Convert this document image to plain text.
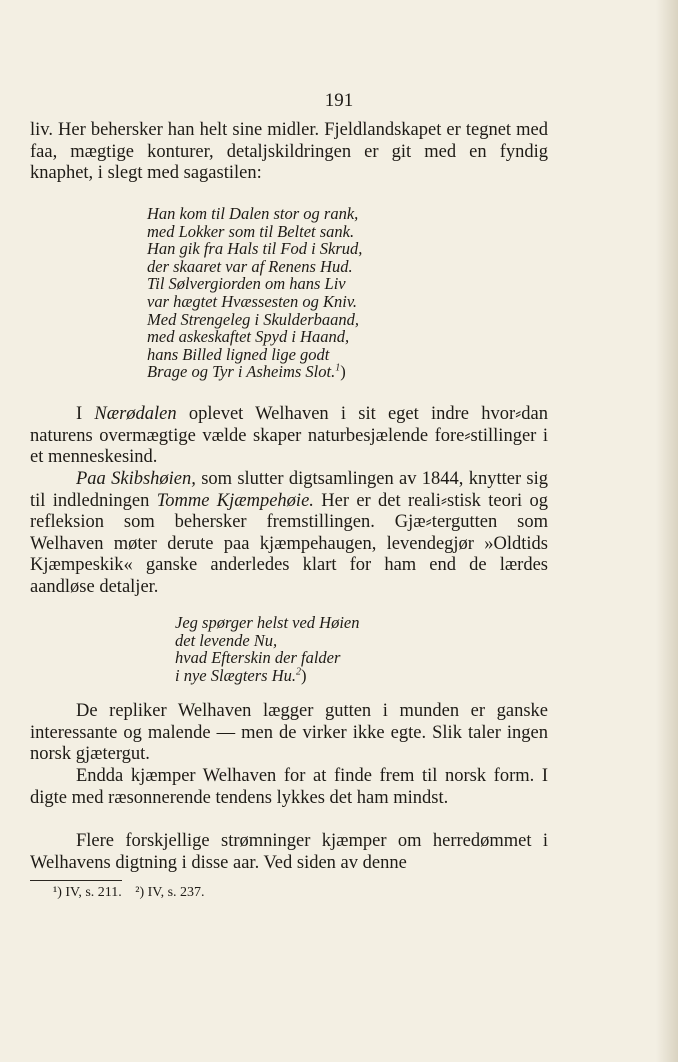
191
liv. Her behersker han helt sine midler. Fjeldlandskapet er tegnet med faa, mægtige konturer, detaljskildringen er git med en fyndig knaphet, i slegt med sagastilen:
Han kom til Dalen stor og rank,
med Lokker som til Beltet sank.
Han gik fra Hals til Fod i Skrud,
der skaaret var af Renens Hud.
Til Sølvergiorden om hans Liv
var hægtet Hvæssesten og Kniv.
Med Strengeleg i Skulderbaand,
med askeskaftet Spyd i Haand,
hans Billed ligned lige godt
Brage og Tyr i Asheims Slot.$^1$)
I Nærødalen oplevet Welhaven i sit eget indre hvor⸗dan naturens overmægtige vælde skaper naturbesjælende fore⸗stillinger i et menneskesind.
Paa Skibshøien, som slutter digtsamlingen av 1844, knytter sig til indledningen Tomme Kjæmpehøie. Her er det reali⸗stisk teori og refleksion som behersker fremstillingen. Gjæ⸗tergutten som Welhaven møter derute paa kjæmpehaugen, levendegjør »Oldtids Kjæmpeskik« ganske anderledes klart for ham end de lærdes aandløse detaljer.
Jeg spørger helst ved Høien
det levende Nu,
hvad Efterskin der falder
i nye Slægters Hu.$^2$)
De repliker Welhaven lægger gutten i munden er ganske interessante og malende — men de virker ikke egte. Slik taler ingen norsk gjætergut.
Endda kjæmper Welhaven for at finde frem til norsk form. I digte med ræsonnerende tendens lykkes det ham mindst.
Flere forskjellige strømninger kjæmper om herredømmet i Welhavens digtning i disse aar. Ved siden av denne
¹) IV, s. 211. ²) IV, s. 237.
